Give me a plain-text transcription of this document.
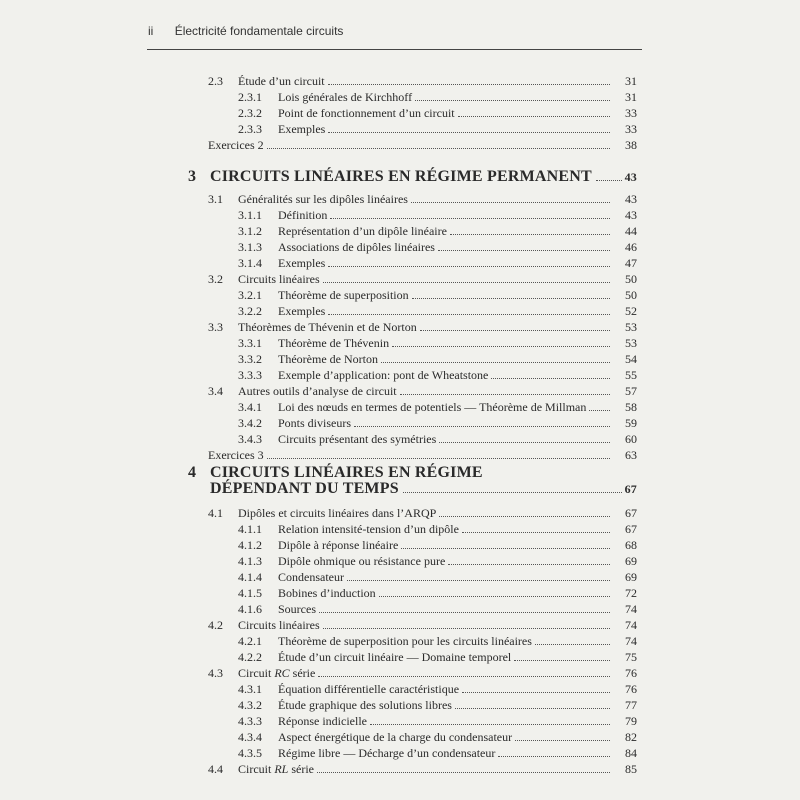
ii Électricité fondamentale circuits
2.3	Étude d’un circuit	31
2.3.1	Lois générales de Kirchhoff	31
2.3.2	Point de fonctionnement d’un circuit	33
2.3.3	Exemples	33
Exercices 2	38
3 CIRCUITS LINÉAIRES EN RÉGIME PERMANENT	43
3.1	Généralités sur les dipôles linéaires	43
3.1.1	Définition	43
3.1.2	Représentation d’un dipôle linéaire	44
3.1.3	Associations de dipôles linéaires	46
3.1.4	Exemples	47
3.2	Circuits linéaires	50
3.2.1	Théorème de superposition	50
3.2.2	Exemples	52
3.3	Théorèmes de Thévenin et de Norton	53
3.3.1	Théorème de Thévenin	53
3.3.2	Théorème de Norton	54
3.3.3	Exemple d’application: pont de Wheatstone	55
3.4	Autres outils d’analyse de circuit	57
3.4.1	Loi des nœuds en termes de potentiels — Théorème de Millman	58
3.4.2	Ponts diviseurs	59
3.4.3	Circuits présentant des symétries	60
Exercices 3	63
4 CIRCUITS LINÉAIRES EN RÉGIME
DÉPENDANT DU TEMPS	67
4.1	Dipôles et circuits linéaires dans l’ARQP	67
4.1.1	Relation intensité-tension d’un dipôle	67
4.1.2	Dipôle à réponse linéaire	68
4.1.3	Dipôle ohmique ou résistance pure	69
4.1.4	Condensateur	69
4.1.5	Bobines d’induction	72
4.1.6	Sources	74
4.2	Circuits linéaires	74
4.2.1	Théorème de superposition pour les circuits linéaires	74
4.2.2	Étude d’un circuit linéaire — Domaine temporel	75
4.3	Circuit RC série	76
4.3.1	Équation différentielle caractéristique	76
4.3.2	Étude graphique des solutions libres	77
4.3.3	Réponse indicielle	79
4.3.4	Aspect énergétique de la charge du condensateur	82
4.3.5	Régime libre — Décharge d’un condensateur	84
4.4	Circuit RL série	85
